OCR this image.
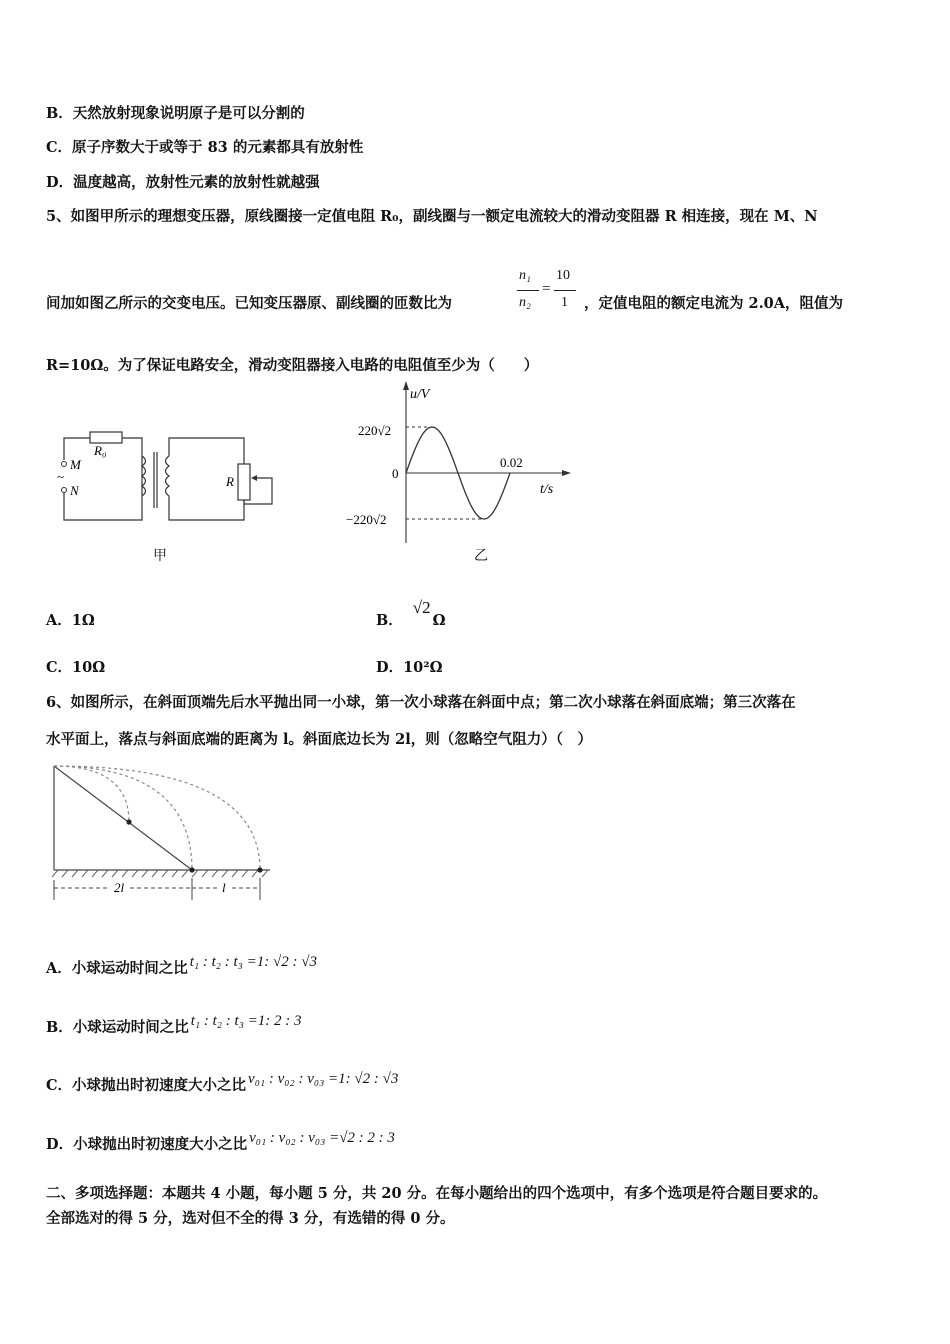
B．天然放射现象说明原子是可以分割的
C．原子序数大于或等于 83 的元素都具有放射性
D．温度越高，放射性元素的放射性就越强
5、如图甲所示的理想变压器，原线圈接一定值电阻 R₀，副线圈与一额定电流较大的滑动变阻器 R 相连接，现在 M、N
间加如图乙所示的交变电压。已知变压器原、副线圈的匝数比为
n₁
n₂
=
10
1 ，定值电阻的额定电流为 2.0A，阻值为
R=10Ω。为了保证电路安全，滑动变阻器接入电路的电阻值至少为（　　）
R₀
M
~
N
R
甲
u/V
t/s
220√2
−220√2
0
0.02
乙
A．1Ω	B．√2Ω
C．10Ω	D．10²Ω
6、如图所示，在斜面顶端先后水平抛出同一小球，第一次小球落在斜面中点；第二次小球落在斜面底端；第三次落在
水平面上，落点与斜面底端的距离为 l。斜面底边长为 2l，则（忽略空气阻力）（　）
2l	l
A．小球运动时间之比 t₁ : t₂ : t₃ =1: √2 : √3
B．小球运动时间之比 t₁ : t₂ : t₃ =1: 2 : 3
C．小球抛出时初速度大小之比 v₀₁ : v₀₂ : v₀₃ =1: √2 : √3
D．小球抛出时初速度大小之比 v₀₁ : v₀₂ : v₀₃ =√2 : 2 : 3
二、多项选择题：本题共 4 小题，每小题 5 分，共 20 分。在每小题给出的四个选项中，有多个选项是符合题目要求的。
全部选对的得 5 分，选对但不全的得 3 分，有选错的得 0 分。
